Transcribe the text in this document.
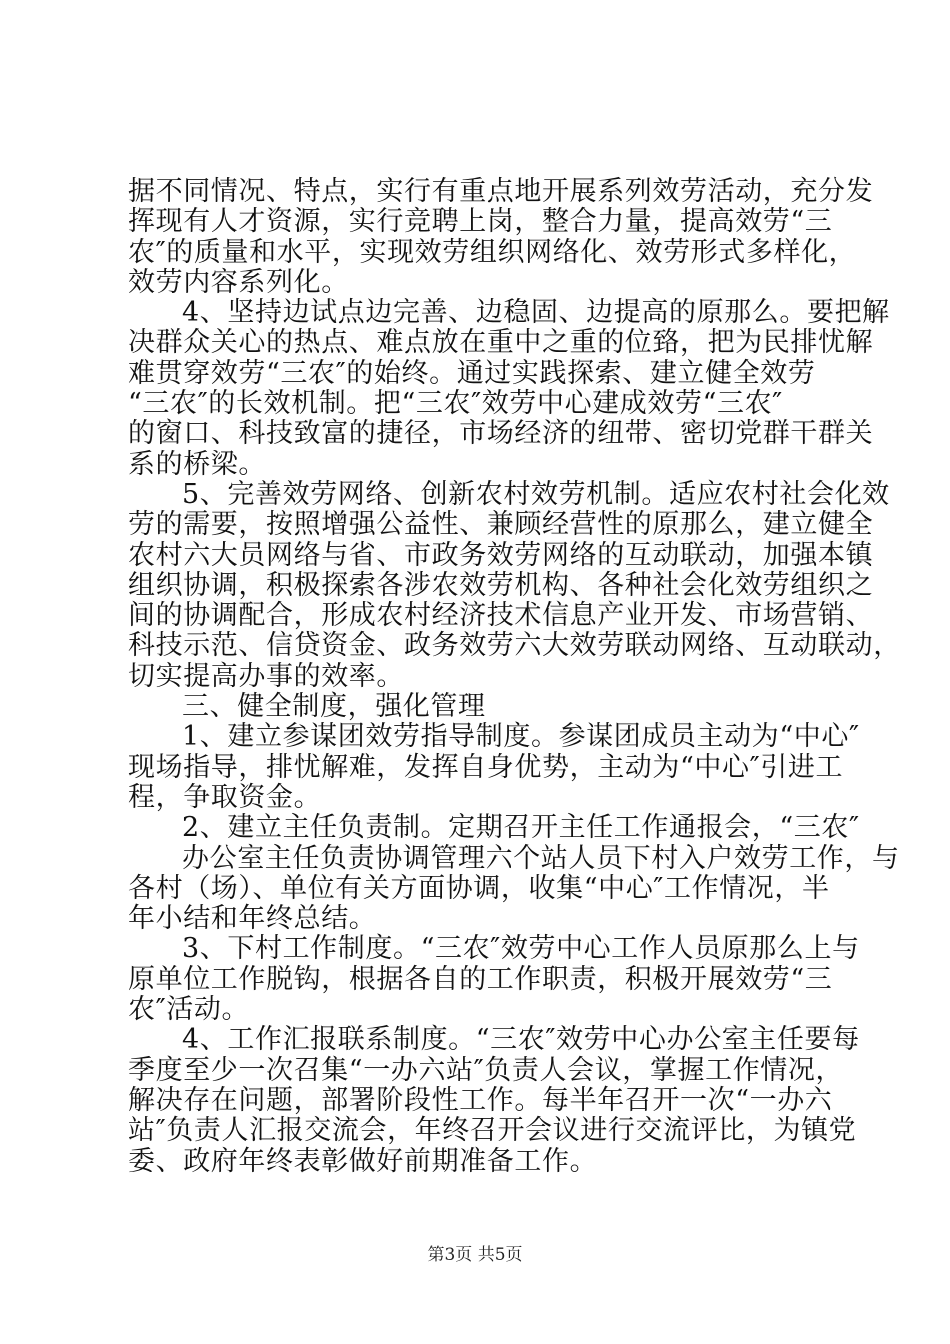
据不同情况、特点，实行有重点地开展系列效劳活动，充分发
挥现有人才资源，实行竞聘上岗，整合力量，提高效劳“三
农″的质量和水平，实现效劳组织网络化、效劳形式多样化，
效劳内容系列化。
4、坚持边试点边完善、边稳固、边提高的原那么。要把解
决群众关心的热点、难点放在重中之重的位臵，把为民排忧解
难贯穿效劳“三农″的始终。通过实践探索、建立健全效劳
“三农″的长效机制。把“三农″效劳中心建成效劳“三农″
的窗口、科技致富的捷径，市场经济的纽带、密切党群干群关
系的桥梁。
5、完善效劳网络、创新农村效劳机制。适应农村社会化效
劳的需要，按照增强公益性、兼顾经营性的原那么，建立健全
农村六大员网络与省、市政务效劳网络的互动联动，加强本镇
组织协调，积极探索各涉农效劳机构、各种社会化效劳组织之
间的协调配合，形成农村经济技术信息产业开发、市场营销、
科技示范、信贷资金、政务效劳六大效劳联动网络、互动联动，
切实提高办事的效率。
三、健全制度，强化管理
1、建立参谋团效劳指导制度。参谋团成员主动为“中心″
现场指导，排忧解难，发挥自身优势，主动为“中心″引进工
程，争取资金。
2、建立主任负责制。定期召开主任工作通报会，“三农″
办公室主任负责协调管理六个站人员下村入户效劳工作，与
各村（场）、单位有关方面协调，收集“中心″工作情况，半
年小结和年终总结。
3、下村工作制度。“三农″效劳中心工作人员原那么上与
原单位工作脱钩，根据各自的工作职责，积极开展效劳“三
农″活动。
4、工作汇报联系制度。“三农″效劳中心办公室主任要每
季度至少一次召集“一办六站″负责人会议，掌握工作情况，
解决存在问题，部署阶段性工作。每半年召开一次“一办六
站″负责人汇报交流会，年终召开会议进行交流评比，为镇党
委、政府年终表彰做好前期准备工作。
第3页 共5页
